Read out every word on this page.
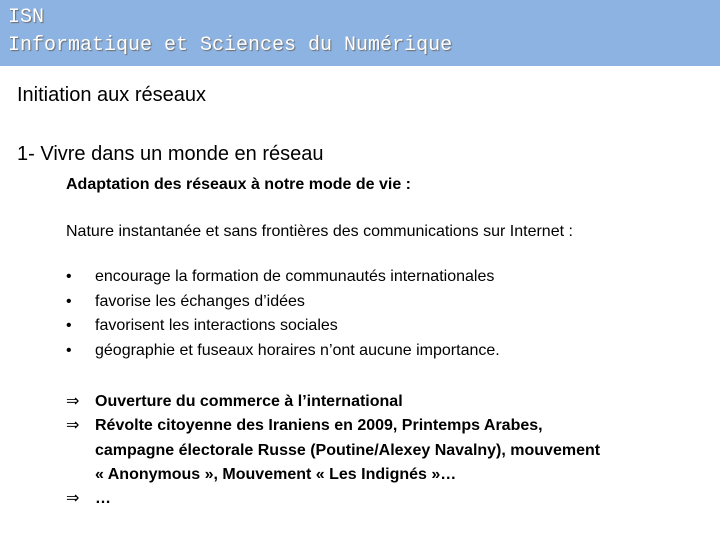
ISN
Informatique et Sciences du Numérique
Initiation aux réseaux
1- Vivre dans un monde en réseau
Adaptation des réseaux à notre mode de vie :
Nature instantanée et sans frontières des communications sur Internet :
• encourage la formation de communautés internationales
• favorise les échanges d’idées
• favorisent les interactions sociales
• géographie et fuseaux horaires n’ont aucune importance.
⇒ Ouverture du commerce à l’international
⇒ Révolte citoyenne des Iraniens en 2009, Printemps Arabes,
campagne électorale Russe (Poutine/Alexey Navalny), mouvement
« Anonymous », Mouvement « Les Indignés »…
⇒ …
